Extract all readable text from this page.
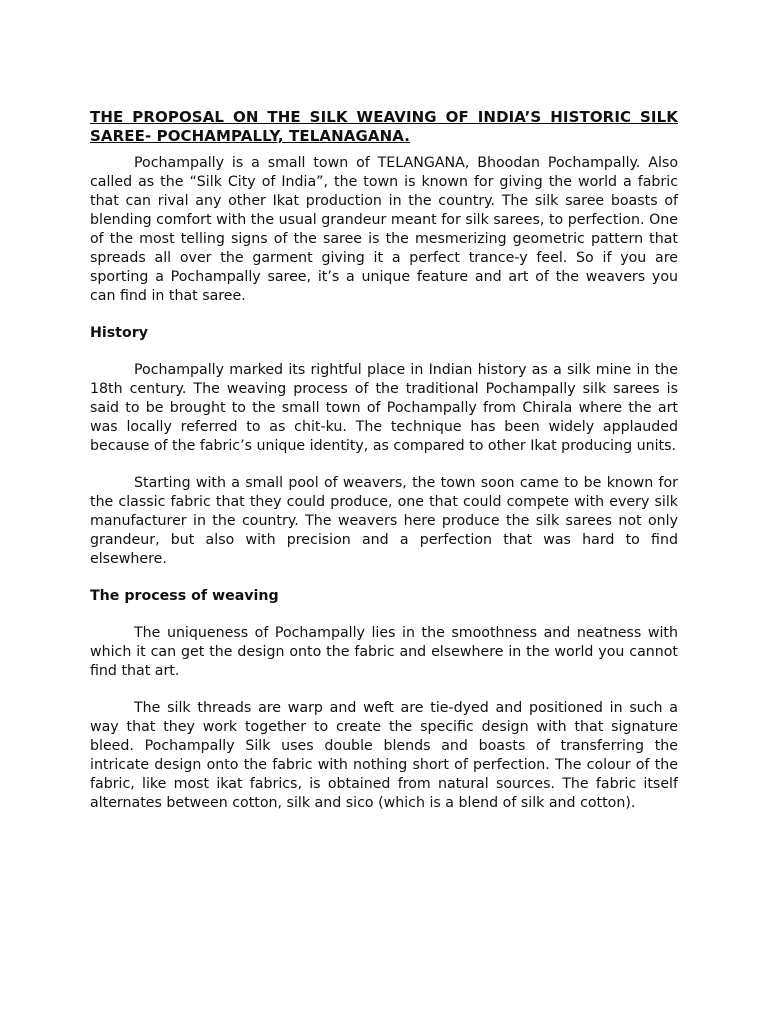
THE PROPOSAL ON THE SILK WEAVING OF INDIA’S HISTORIC SILK SAREE- POCHAMPALLY, TELANAGANA.

Pochampally is a small town of TELANGANA, Bhoodan Pochampally. Also called as the “Silk City of India”, the town is known for giving the world a fabric that can rival any other Ikat production in the country. The silk saree boasts of blending comfort with the usual grandeur meant for silk sarees, to perfection. One of the most telling signs of the saree is the mesmerizing geometric pattern that spreads all over the garment giving it a perfect trance-y feel. So if you are sporting a Pochampally saree, it’s a unique feature and art of the weavers you can find in that saree.

History

Pochampally marked its rightful place in Indian history as a silk mine in the 18th century. The weaving process of the traditional Pochampally silk sarees is said to be brought to the small town of Pochampally from Chirala where the art was locally referred to as chit-ku. The technique has been widely applauded because of the fabric’s unique identity, as compared to other Ikat producing units.

Starting with a small pool of weavers, the town soon came to be known for the classic fabric that they could produce, one that could compete with every silk manufacturer in the country. The weavers here produce the silk sarees not only grandeur, but also with precision and a perfection that was hard to find elsewhere.

The process of weaving

The uniqueness of Pochampally lies in the smoothness and neatness with which it can get the design onto the fabric and elsewhere in the world you cannot find that art.

The silk threads are warp and weft are tie-dyed and positioned in such a way that they work together to create the specific design with that signature bleed. Pochampally Silk uses double blends and boasts of transferring the intricate design onto the fabric with nothing short of perfection. The colour of the fabric, like most ikat fabrics, is obtained from natural sources. The fabric itself alternates between cotton, silk and sico (which is a blend of silk and cotton).
